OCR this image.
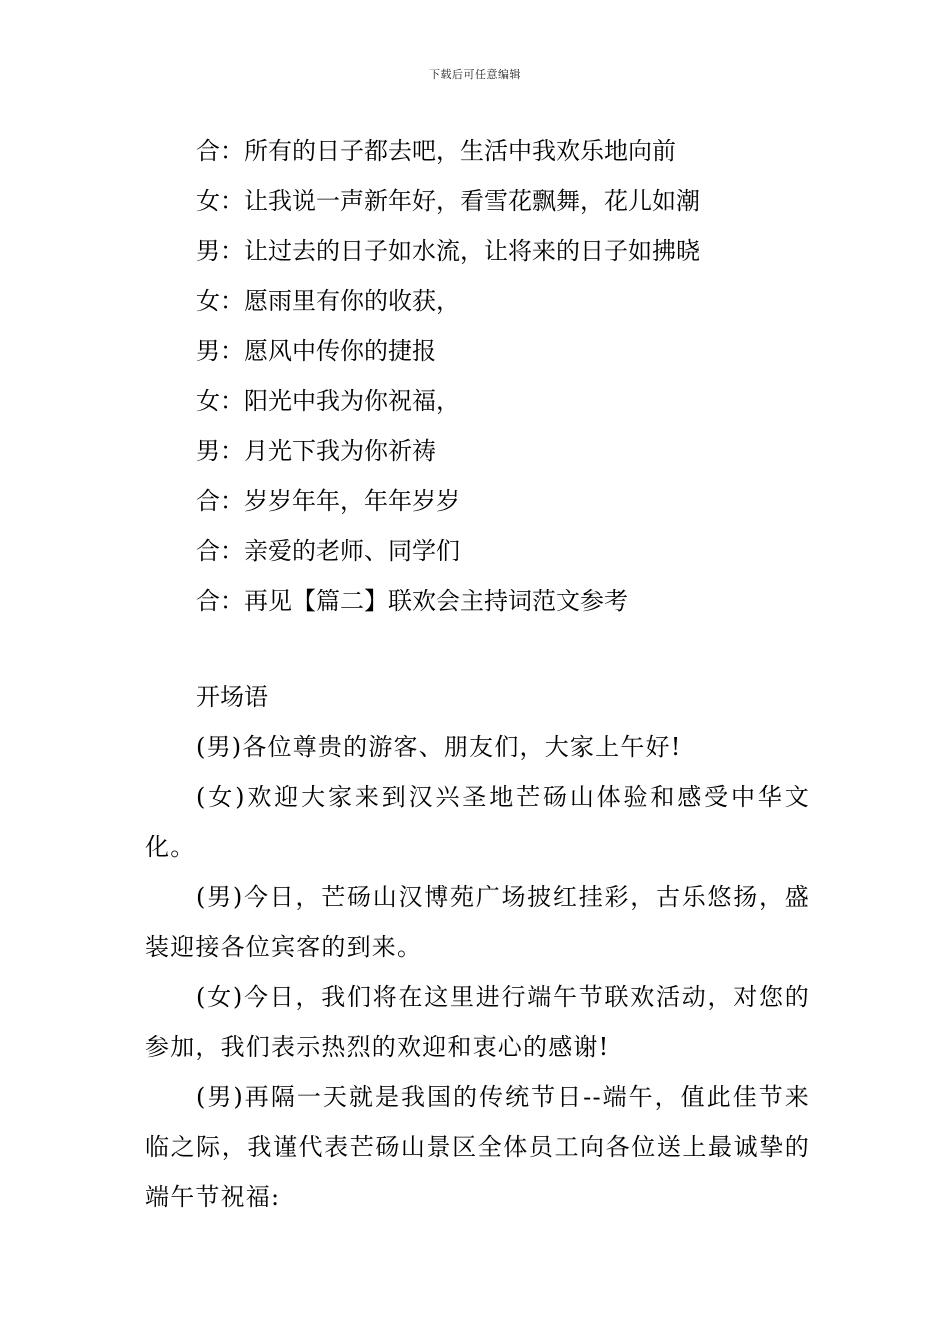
下载后可任意编辑
合：所有的日子都去吧，生活中我欢乐地向前
女：让我说一声新年好，看雪花飘舞，花儿如潮
男：让过去的日子如水流，让将来的日子如拂晓
女：愿雨里有你的收获，
男：愿风中传你的捷报
女：阳光中我为你祝福，
男：月光下我为你祈祷
合：岁岁年年，年年岁岁
合：亲爱的老师、同学们
合：再见【篇二】联欢会主持词范文参考
开场语

(男)各位尊贵的游客、朋友们，大家上午好!

(女)欢迎大家来到汉兴圣地芒砀山体验和感受中华文化。

(男)今日，芒砀山汉博苑广场披红挂彩，古乐悠扬，盛装迎接各位宾客的到来。

(女)今日，我们将在这里进行端午节联欢活动，对您的参加，我们表示热烈的欢迎和衷心的感谢!

(男)再隔一天就是我国的传统节日--端午，值此佳节来临之际，我谨代表芒砀山景区全体员工向各位送上最诚挚的端午节祝福:
